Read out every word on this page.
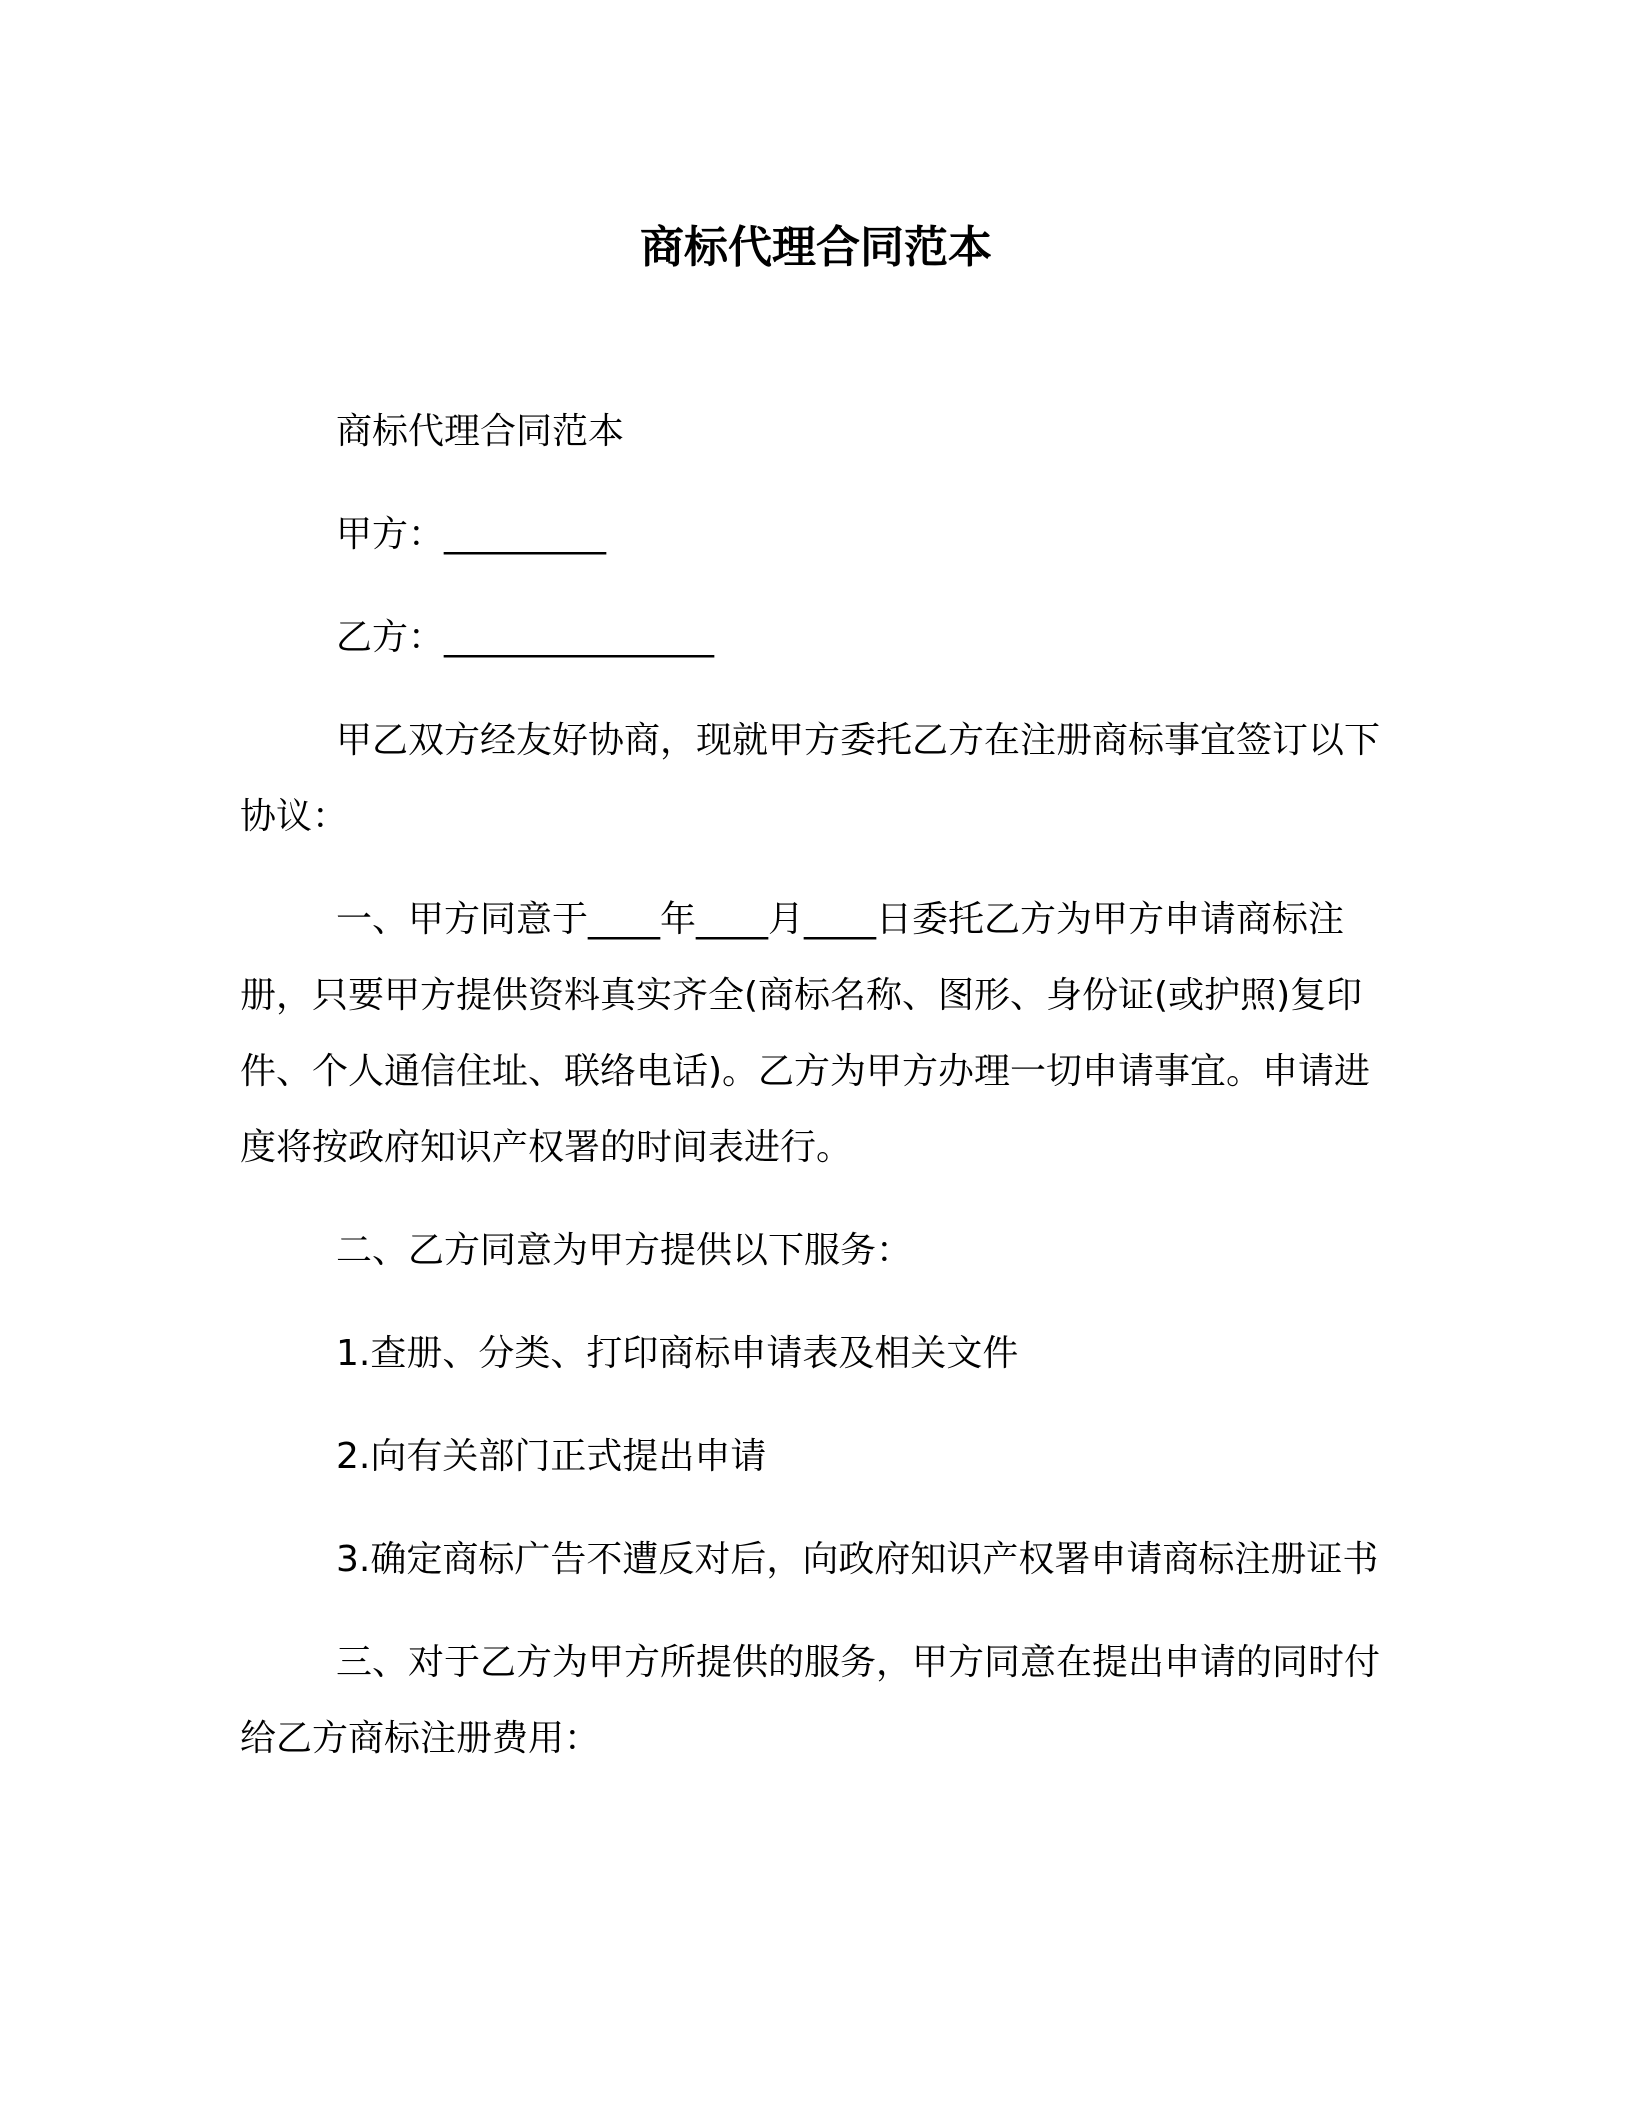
商标代理合同范本

商标代理合同范本

甲方：_________

乙方：_______________

甲乙双方经友好协商，现就甲方委托乙方在注册商标事宜签订以下协议：

一、甲方同意于____年____月____日委托乙方为甲方申请商标注册，只要甲方提供资料真实齐全(商标名称、图形、身份证(或护照)复印件、个人通信住址、联络电话)。乙方为甲方办理一切申请事宜。申请进度将按政府知识产权署的时间表进行。

二、乙方同意为甲方提供以下服务：

1.查册、分类、打印商标申请表及相关文件

2.向有关部门正式提出申请

3.确定商标广告不遭反对后，向政府知识产权署申请商标注册证书

三、对于乙方为甲方所提供的服务，甲方同意在提出申请的同时付给乙方商标注册费用：
